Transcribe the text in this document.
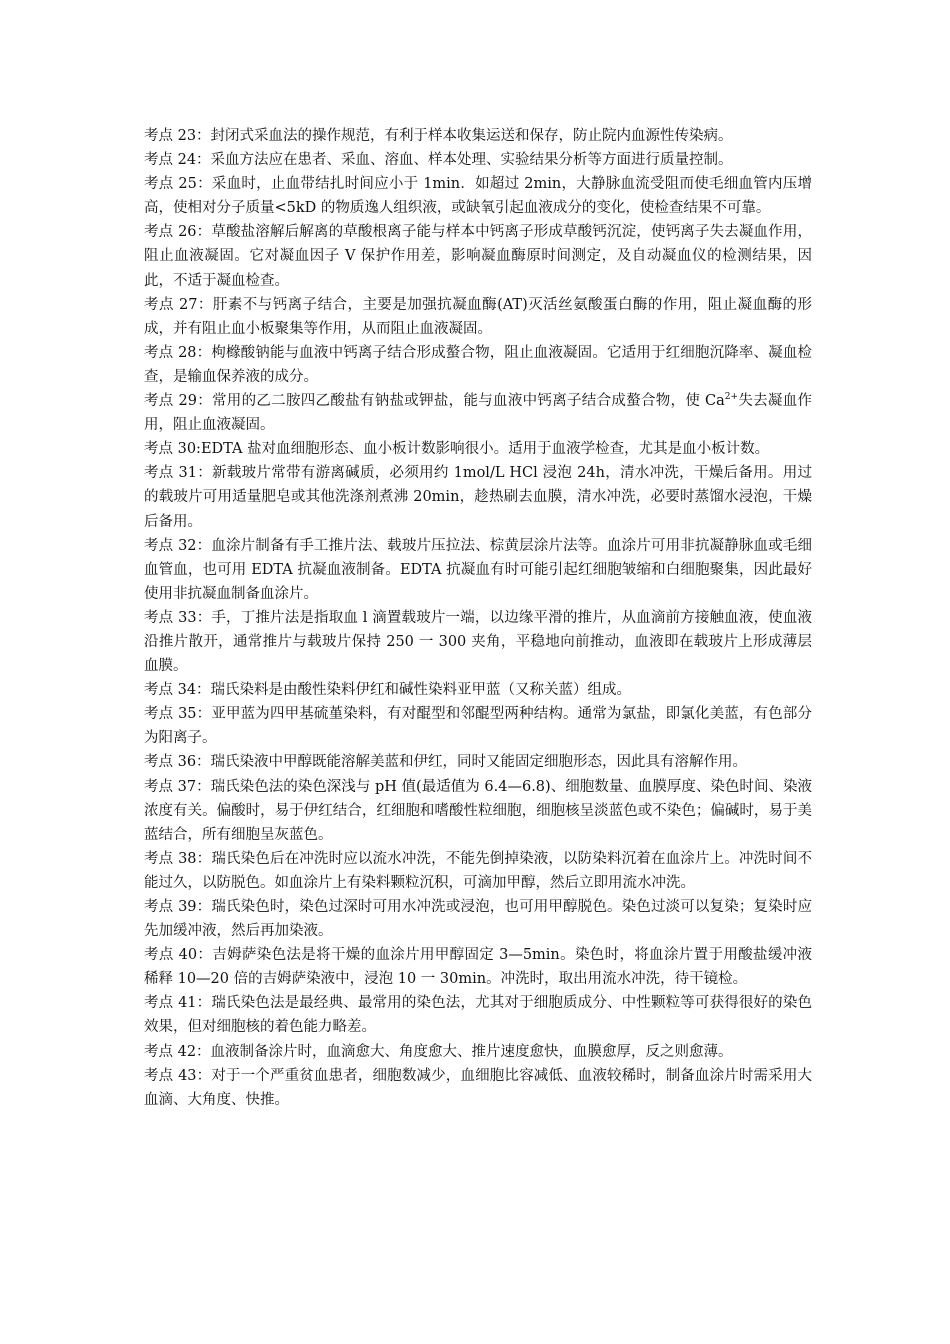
考点 23：封闭式采血法的操作规范，有利于样本收集运送和保存，防止院内血源性传染病。

考点 24：采血方法应在患者、采血、溶血、样本处理、实验结果分析等方面进行质量控制。

考点 25：采血时，止血带结扎时间应小于 1min．如超过 2min，大静脉血流受阻而使毛细血管内压增高，使相对分子质量<5kD 的物质逸人组织液，或缺氧引起血液成分的变化，使检查结果不可靠。

考点 26：草酸盐溶解后解离的草酸根离子能与样本中钙离子形成草酸钙沉淀，使钙离子失去凝血作用，阻止血液凝固。它对凝血因子 V 保护作用差，影响凝血酶原时间测定，及自动凝血仪的检测结果，因此，不适于凝血检查。

考点 27：肝素不与钙离子结合，主要是加强抗凝血酶(AT)灭活丝氨酸蛋白酶的作用，阻止凝血酶的形成，并有阻止血小板聚集等作用，从而阻止血液凝固。

考点 28：枸橼酸钠能与血液中钙离子结合形成螯合物，阻止血液凝固。它适用于红细胞沉降率、凝血检查，是输血保养液的成分。

考点 29：常用的乙二胺四乙酸盐有钠盐或钾盐，能与血液中钙离子结合成螯合物，使 $Ca^{2+}$失去凝血作用，阻止血液凝固。

考点 30:EDTA 盐对血细胞形态、血小板计数影响很小。适用于血液学检查，尤其是血小板计数。

考点 31：新载玻片常带有游离碱质，必须用约 1mol/L HCl 浸泡 24h，清水冲洗，干燥后备用。用过的载玻片可用适量肥皂或其他洗涤剂煮沸 20min，趁热刷去血膜，清水冲洗，必要时蒸馏水浸泡，干燥后备用。

考点 32：血涂片制备有手工推片法、载玻片压拉法、棕黄层涂片法等。血涂片可用非抗凝静脉血或毛细血管血，也可用 EDTA 抗凝血液制备。EDTA 抗凝血有时可能引起红细胞皱缩和白细胞聚集，因此最好使用非抗凝血制备血涂片。

考点 33：手，丁推片法是指取血 l 滴置载玻片一端，以边缘平滑的推片，从血滴前方接触血液，使血液沿推片散开，通常推片与载玻片保持 250 一 300 夹角，平稳地向前推动，血液即在载玻片上形成薄层血膜。

考点 34：瑞氏染料是由酸性染料伊红和碱性染料亚甲蓝（又称关蓝）组成。

考点 35：亚甲蓝为四甲基硫堇染料，有对醌型和邻醌型两种结构。通常为氯盐，即氯化美蓝，有色部分为阳离子。

考点 36：瑞氏染液中甲醇既能溶解美蓝和伊红，同时又能固定细胞形态，因此具有溶解作用。

考点 37：瑞氏染色法的染色深浅与 pH 值(最适值为 6.4—6.8)、细胞数量、血膜厚度、染色时间、染液浓度有关。偏酸时，易于伊红结合，红细胞和嗜酸性粒细胞，细胞核呈淡蓝色或不染色；偏碱时，易于美蓝结合，所有细胞呈灰蓝色。

考点 38：瑞氏染色后在冲洗时应以流水冲洗，不能先倒掉染液，以防染料沉着在血涂片上。冲洗时间不能过久，以防脱色。如血涂片上有染料颗粒沉积，可滴加甲醇，然后立即用流水冲洗。

考点 39：瑞氏染色时，染色过深时可用水冲洗或浸泡，也可用甲醇脱色。染色过淡可以复染；复染时应先加缓冲液，然后再加染液。

考点 40：吉姆萨染色法是将干燥的血涂片用甲醇固定 3—5min。染色时，将血涂片置于用酸盐缓冲液稀释 10—20 倍的吉姆萨染液中，浸泡 10 一 30min。冲洗时，取出用流水冲洗，待干镜检。

考点 41：瑞氏染色法是最经典、最常用的染色法，尤其对于细胞质成分、中性颗粒等可获得很好的染色效果，但对细胞核的着色能力略差。

考点 42：血液制备涂片时，血滴愈大、角度愈大、推片速度愈快，血膜愈厚，反之则愈薄。

考点 43：对于一个严重贫血患者，细胞数减少，血细胞比容减低、血液较稀时，制备血涂片时需采用大血滴、大角度、快推。
